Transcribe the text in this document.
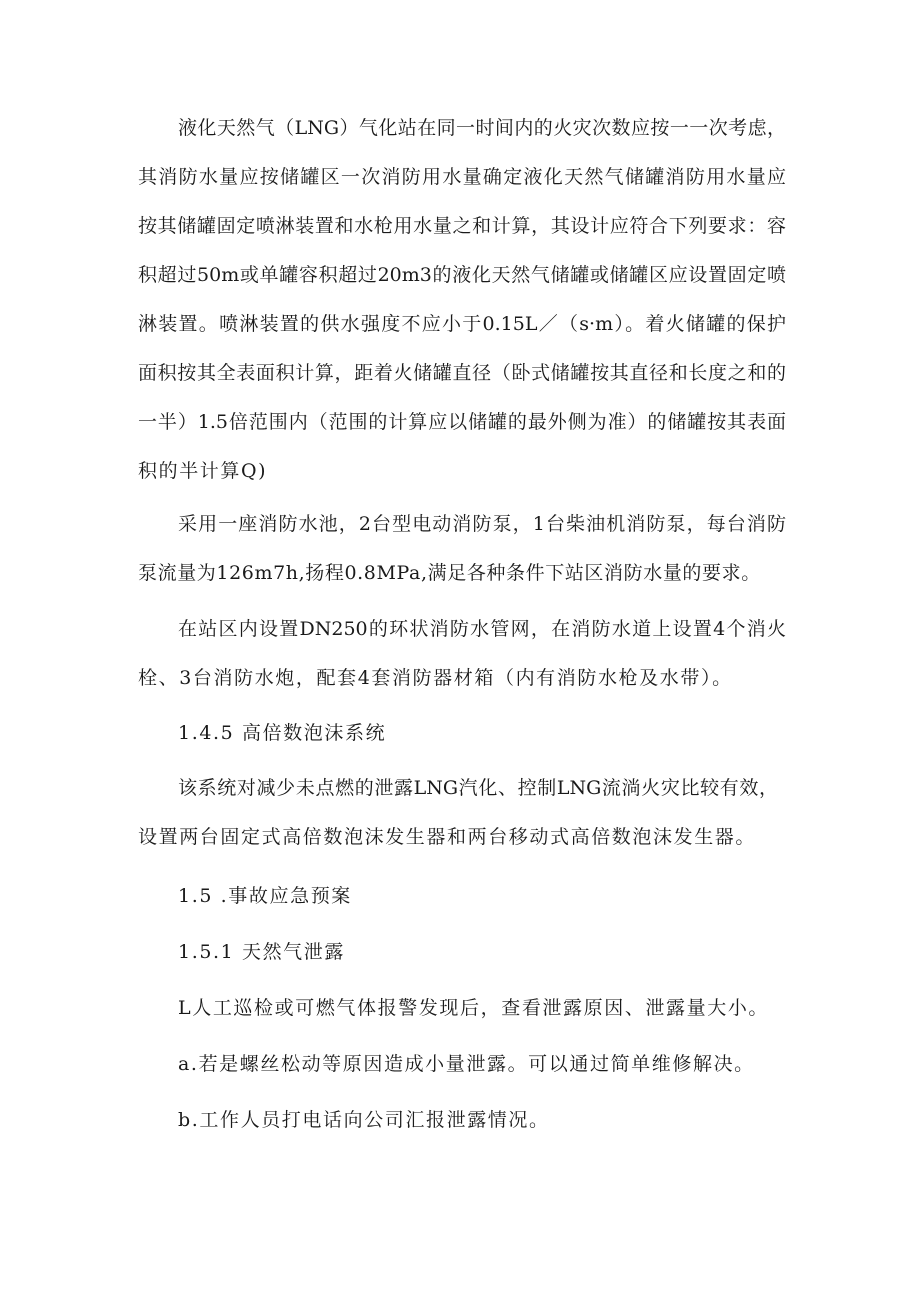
液化天然气（LNG）气化站在同一时间内的火灾次数应按一一次考虑，
其消防水量应按储罐区一次消防用水量确定液化天然气储罐消防用水量应
按其储罐固定喷淋装置和水枪用水量之和计算，其设计应符合下列要求：容
积超过50m或单罐容积超过20m3的液化天然气储罐或储罐区应设置固定喷
淋装置。喷淋装置的供水强度不应小于0.15L／（s·m）。着火储罐的保护
面积按其全表面积计算，距着火储罐直径（卧式储罐按其直径和长度之和的
一半）1.5倍范围内（范围的计算应以储罐的最外侧为准）的储罐按其表面
积的半计算Q)
采用一座消防水池，2台型电动消防泵，1台柴油机消防泵，每台消防
泵流量为126m7h,扬程0.8MPa,满足各种条件下站区消防水量的要求。
在站区内设置DN250的环状消防水管网，在消防水道上设置4个消火
栓、3台消防水炮，配套4套消防器材箱（内有消防水枪及水带）。
1.4.5 高倍数泡沫系统
该系统对减少未点燃的泄露LNG汽化、控制LNG流淌火灾比较有效，
设置两台固定式高倍数泡沫发生器和两台移动式高倍数泡沫发生器。
1.5 .事故应急预案
1.5.1 天然气泄露
L人工巡检或可燃气体报警发现后，查看泄露原因、泄露量大小。
a.若是螺丝松动等原因造成小量泄露。可以通过简单维修解决。
b.工作人员打电话向公司汇报泄露情况。
